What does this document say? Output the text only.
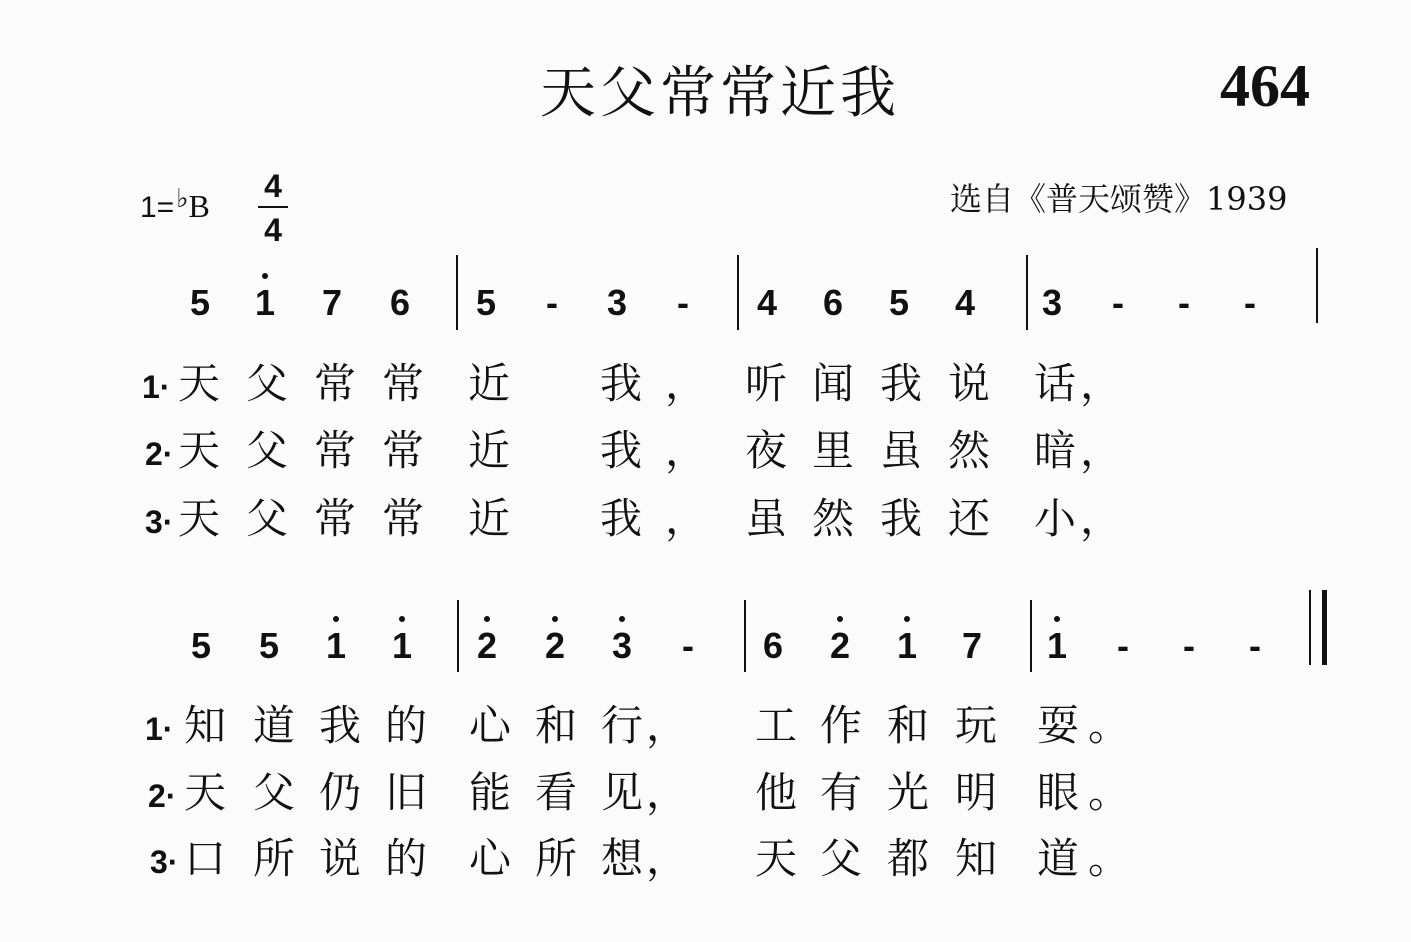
天父常常近我	464
1=♭B
4
4
选自《普天颂赞》1939
5 1 7 6 5	-	3	-	4 6 5 4 3	-	-	-
1· 天 父 常 常 近 我 ， 听 闻 我 说 话 ，
2· 天 父 常 常 近 我 ， 夜 里 虽 然 暗 ，
3· 天 父 常 常 近 我 ， 虽 然 我 还 小 ，
5 5 1 1 2 2 3	-	6 2 1 7 1	-	-	-
1· 知 道 我 的 心 和 行 ， 工 作 和 玩 耍 。
2· 天 父 仍 旧 能 看 见 ， 他 有 光 明 眼 。
3· 口 所 说 的 心 所 想 ， 天 父 都 知 道 。
